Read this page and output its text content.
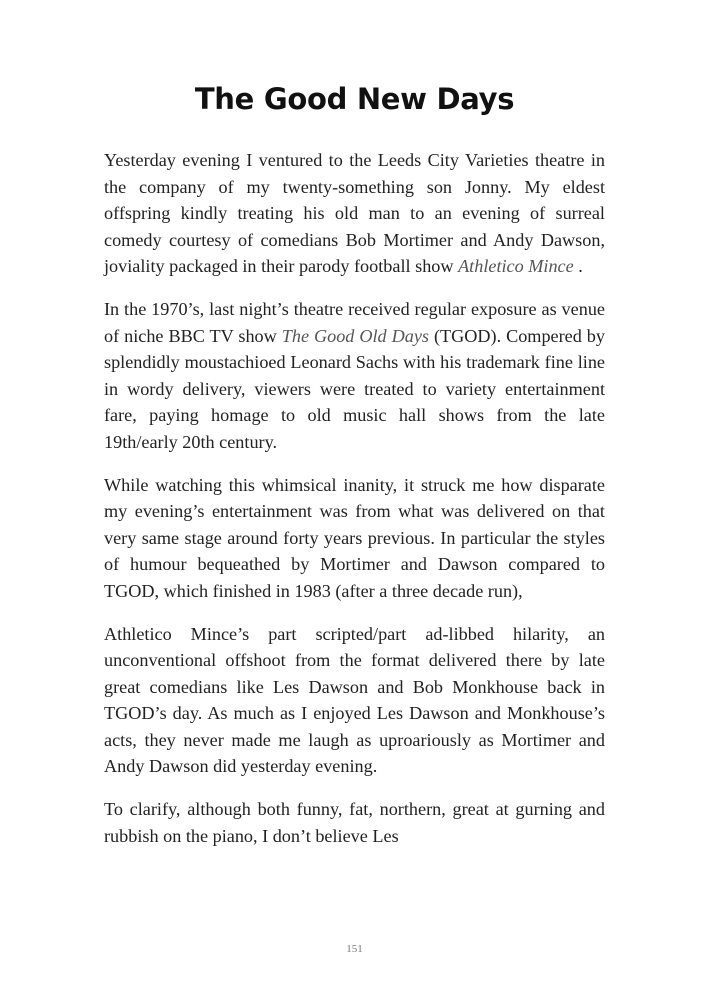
The Good New Days

Yesterday evening I ventured to the Leeds City Varieties theatre in the company of my twenty-something son Jonny. My eldest offspring kindly treating his old man to an evening of surreal comedy courtesy of comedians Bob Mortimer and Andy Dawson, joviality packaged in their parody football show Athletico Mince .

In the 1970’s, last night’s theatre received regular exposure as venue of niche BBC TV show The Good Old Days (TGOD). Compered by splendidly moustachioed Leonard Sachs with his trademark fine line in wordy delivery, viewers were treated to variety entertainment fare, paying homage to old music hall shows from the late 19th/early 20th century.

While watching this whimsical inanity, it struck me how disparate my evening’s entertainment was from what was delivered on that very same stage around forty years previous. In particular the styles of humour bequeathed by Mortimer and Dawson compared to TGOD, which finished in 1983 (after a three decade run),

Athletico Mince’s part scripted/part ad-libbed hilarity, an unconventional offshoot from the format delivered there by late great comedians like Les Dawson and Bob Monkhouse back in TGOD’s day. As much as I enjoyed Les Dawson and Monkhouse’s acts, they never made me laugh as uproariously as Mortimer and Andy Dawson did yesterday evening.

To clarify, although both funny, fat, northern, great at gurning and rubbish on the piano, I don’t believe Les

151
